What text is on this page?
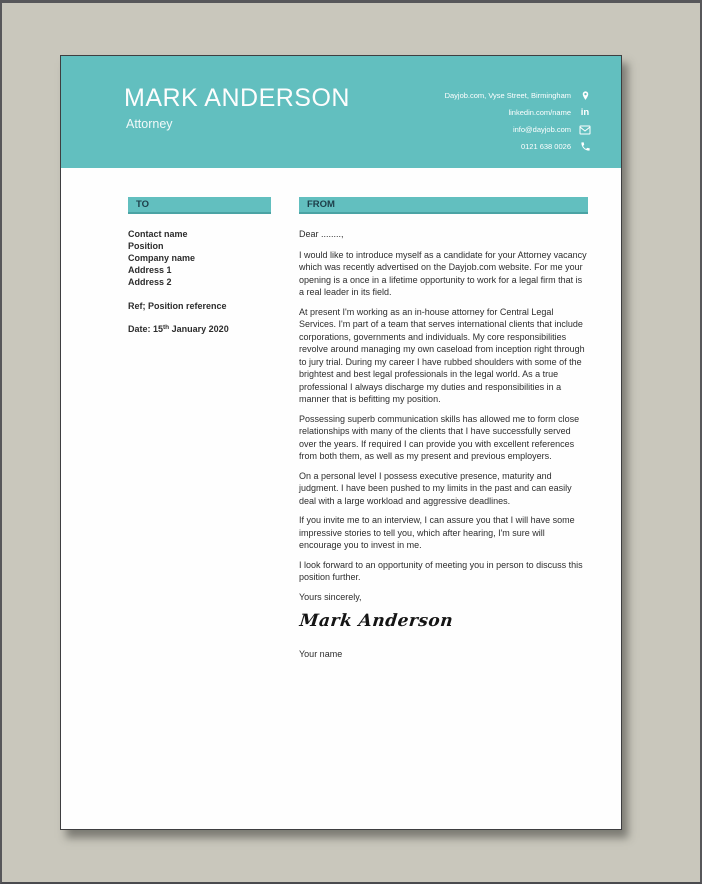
MARK ANDERSON
Attorney
Dayjob.com, Vyse Street, Birmingham
linkedin.com/name in
info@dayjob.com
0121 638 0026
TO	FROM
Contact name
Position
Company name
Address 1
Address 2
Ref; Position reference
Date: 15th January 2020

Dear ........,

I would like to introduce myself as a candidate for your Attorney vacancy which was recently advertised on the Dayjob.com website. For me your opening is a once in a lifetime opportunity to work for a legal firm that is a real leader in its field.

At present I'm working as an in-house attorney for Central Legal Services. I'm part of a team that serves international clients that include corporations, governments and individuals. My core responsibilities revolve around managing my own caseload from inception right through to jury trial. During my career I have rubbed shoulders with some of the brightest and best legal professionals in the legal world. As a true professional I always discharge my duties and responsibilities in a manner that is befitting my position.

Possessing superb communication skills has allowed me to form close relationships with many of the clients that I have successfully served over the years. If required I can provide you with excellent references from both them, as well as my present and previous employers.

On a personal level I possess executive presence, maturity and judgment. I have been pushed to my limits in the past and can easily deal with a large workload and aggressive deadlines.

If you invite me to an interview, I can assure you that I will have some impressive stories to tell you, which after hearing, I'm sure will encourage you to invest in me.

I look forward to an opportunity of meeting you in person to discuss this position further.

Yours sincerely,
Mark Anderson
Your name
